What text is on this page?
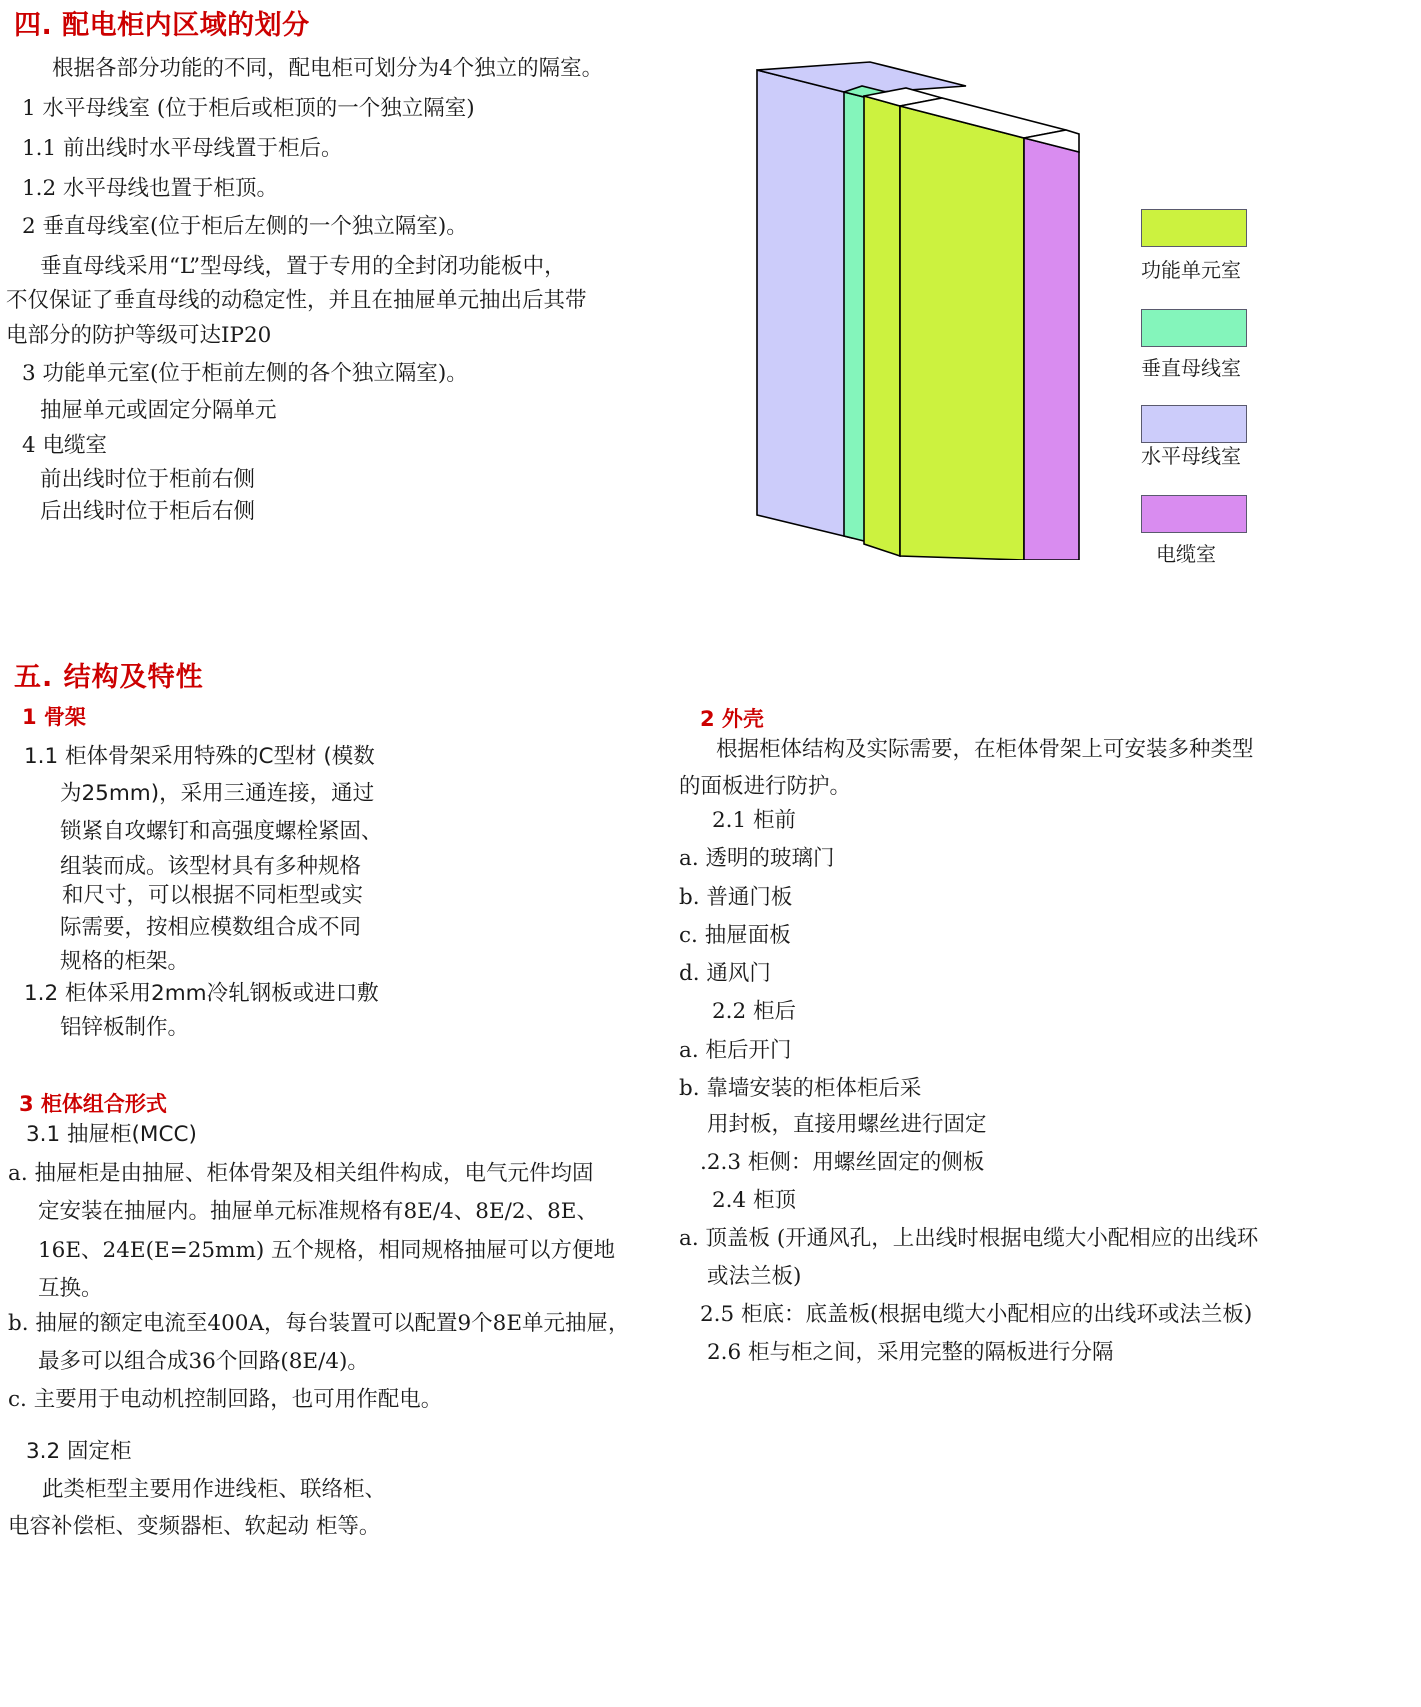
四. 配电柜内区域的划分
根据各部分功能的不同，配电柜可划分为4个独立的隔室。
1 水平母线室 (位于柜后或柜顶的一个独立隔室)
1.1 前出线时水平母线置于柜后。
1.2 水平母线也置于柜顶。
2 垂直母线室(位于柜后左侧的一个独立隔室)。
垂直母线采用“L”型母线，置于专用的全封闭功能板中，
不仅保证了垂直母线的动稳定性，并且在抽屉单元抽出后其带
电部分的防护等级可达IP20
3 功能单元室(位于柜前左侧的各个独立隔室)。
抽屉单元或固定分隔单元
4 电缆室
前出线时位于柜前右侧
后出线时位于柜后右侧
功能单元室
垂直母线室
水平母线室
电缆室
五. 结构及特性
1 骨架
1.1 柜体骨架采用特殊的C型材 (模数
为25mm)，采用三通连接，通过
锁紧自攻螺钉和高强度螺栓紧固、
组装而成。该型材具有多种规格
和尺寸，可以根据不同柜型或实
际需要，按相应模数组合成不同
规格的柜架。
1.2 柜体采用2mm冷轧钢板或进口敷
铝锌板制作。
3 柜体组合形式
3.1 抽屉柜(MCC)
a. 抽屉柜是由抽屉、柜体骨架及相关组件构成，电气元件均固
定安装在抽屉内。抽屉单元标准规格有8E/4、8E/2、8E、
16E、24E(E=25mm) 五个规格，相同规格抽屉可以方便地
互换。
b. 抽屉的额定电流至400A，每台装置可以配置9个8E单元抽屉，
最多可以组合成36个回路(8E/4)。
c. 主要用于电动机控制回路，也可用作配电。
3.2 固定柜
此类柜型主要用作进线柜、联络柜、
电容补偿柜、变频器柜、软起动 柜等。
2 外壳
根据柜体结构及实际需要，在柜体骨架上可安装多种类型
的面板进行防护。
2.1 柜前
a. 透明的玻璃门
b. 普通门板
c. 抽屉面板
d. 通风门
2.2 柜后
a. 柜后开门
b. 靠墙安装的柜体柜后采
用封板，直接用螺丝进行固定
.2.3 柜侧：用螺丝固定的侧板
2.4 柜顶
a. 顶盖板 (开通风孔，上出线时根据电缆大小配相应的出线环
或法兰板)
2.5 柜底：底盖板(根据电缆大小配相应的出线环或法兰板)
2.6 柜与柜之间，采用完整的隔板进行分隔
